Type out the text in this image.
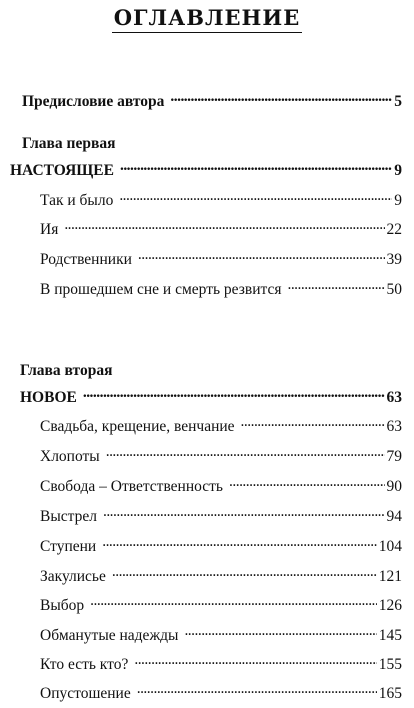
ОГЛАВЛЕНИЕ
Предисловие автора . . .	5
Глава первая
НАСТОЯЩЕЕ . . .	9
Так и было . . .	9
Ия . . .	22
Родственники . . .	39
В прошедшем сне и смерть резвится . . .	50
Глава вторая
НОВОЕ . . .	63
Свадьба, крещение, венчание . . .	63
Хлопоты . . .	79
Свобода – Ответственность . . .	90
Выстрел . . .	94
Ступени . . .	104
Закулисье . . .	121
Выбор . . .	126
Обманутые надежды . . .	145
Кто есть кто? . . .	155
Опустошение . . .	165
